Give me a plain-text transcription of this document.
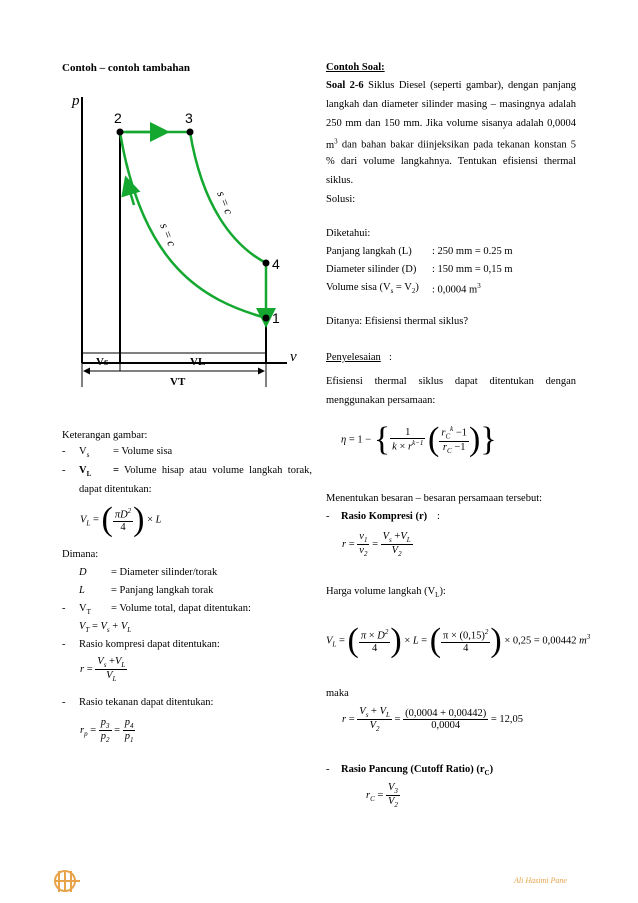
Contoh – contoh tambahan
p
v
2	3
4
1
s = c
s = c
Vs	VL
VT
Keterangan gambar:
- $V_s$ = Volume sisa
- $V_L$ = Volume hisap atau volume langkah torak,
dapat ditentukan:
$V_L$ = ( $\frac{\pi D^2}{4}$ ) × L
Dimana:
D = Diameter silinder/torak
L = Panjang langkah torak
- $V_T$ = Volume total, dapat ditentukan:
$V_T = V_s + V_L$
- Rasio kompresi dapat ditentukan:
$r = \frac{V_s +V_L}{V_L}$
- Rasio tekanan dapat ditentukan:
$r_p = \frac{p_3}{p_2} = \frac{p_4}{p_1}$
Contoh Soal:
Soal 2-6 Siklus Diesel (seperti gambar), dengan panjang
langkah dan diameter silinder masing – masingnya adalah
250 mm dan 150 mm. Jika volume sisanya adalah 0,0004
$m^3$ dan bahan bakar diinjeksikan pada tekanan konstan 5
% dari volume langkahnya. Tentukan efisiensi thermal
siklus.
Solusi:
Diketahui:
Panjang langkah (L) : 250 mm = 0.25 m
Diameter silinder (D) : 150 mm = 0,15 m
Volume sisa $(V_s = V_2)$ : 0,0004 $m^3$
Ditanya: Efisiensi thermal siklus?
Penyelesaian :
Efisiensi thermal siklus dapat ditentukan dengan
menggunakan persamaan:
η = 1 − { $\frac{1}{k \times r^{k-1}}$ ( $\frac{r_C^k -1}{r_C -1}$ )}
Menentukan besaran – besaran persamaan tersebut:
- Rasio Kompresi (r) :
$r = \frac{v_1}{v_2} = \frac{V_s +V_L}{V_2}$
Harga volume langkah $(V_L)$:
$V_L$ = ( $\frac{\pi \times D^2}{4}$ ) × L = ( $\frac{\pi \times (0,15)^2}{4}$ ) × 0,25 = 0,00442 $m^3$
maka
$r = \frac{V_s + V_L}{V_2} = \frac{(0,0004 + 0,00442)}{0,0004} = 12,05$
- Rasio Pancung (Cutoff Ratio) $(r_C)$
$r_C = \frac{V_3}{V_2}$
Ali Hasimi Pane
